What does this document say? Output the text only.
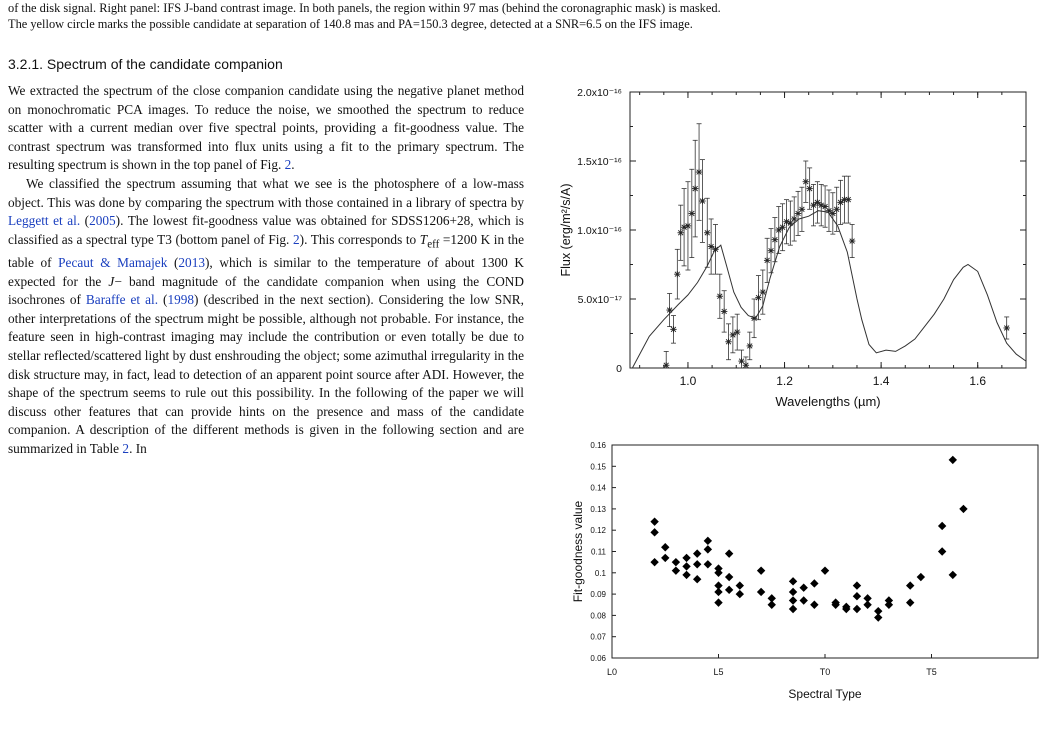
of the disk signal. Right panel: IFS J-band contrast image. In both panels, the region within 97 mas (behind the coronagraphic mask) is masked.

The yellow circle marks the possible candidate at separation of 140.8 mas and PA=150.3 degree, detected at a SNR=6.5 on the IFS image.

3.2.1. Spectrum of the candidate companion

We extracted the spectrum of the close companion candidate using the negative planet method on monochromatic PCA images. To reduce the noise, we smoothed the spectrum to reduce scatter with a current median over five spectral points, providing a fit-goodness value. The contrast spectrum was transformed into flux units using a fit to the primary spectrum. The resulting spectrum is shown in the top panel of Fig. 2.

We classified the spectrum assuming that what we see is the photosphere of a low-mass object. This was done by comparing the spectrum with those contained in a library of spectra by Leggett et al. (2005). The lowest fit-goodness value was obtained for SDSS1206+28, which is classified as a spectral type T3 (bottom panel of Fig. 2). This corresponds to $T_{eff} =1200$ K in the table of Pecaut & Mamajek (2013), which is similar to the temperature of about 1300 K expected for the J− band magnitude of the candidate companion when using the COND isochrones of Baraffe et al. (1998) (described in the next section). Considering the low SNR, other interpretations of the spectrum might be possible, although not probable. For instance, the feature seen in high-contrast imaging may include the contribution or even totally be due to stellar reflected/scattered light by dust enshrouding the object; some azimuthal irregularity in the disk structure may, in fact, lead to detection of an apparent point source after ADI. However, the shape of the spectrum seems to rule out this possibility. In the following of the paper we will discuss other features that can provide hints on the presence and mass of the candidate companion. A description of the different methods is given in the following section and are summarized in Table 2. In

0
5.0x10⁻¹⁷
1.0x10⁻¹⁶
1.5x10⁻¹⁶
2.0x10⁻¹⁶
1.0	1.2	1.4	1.6
Wavelengths (µm)
Flux (erg/m²/s/A)
0.06
0.07
0.08
0.09
0.1
0.11
0.12
0.13
0.14
0.15
0.16
L0	L5	T0	T5
Spectral Type
Fit-goodness value
